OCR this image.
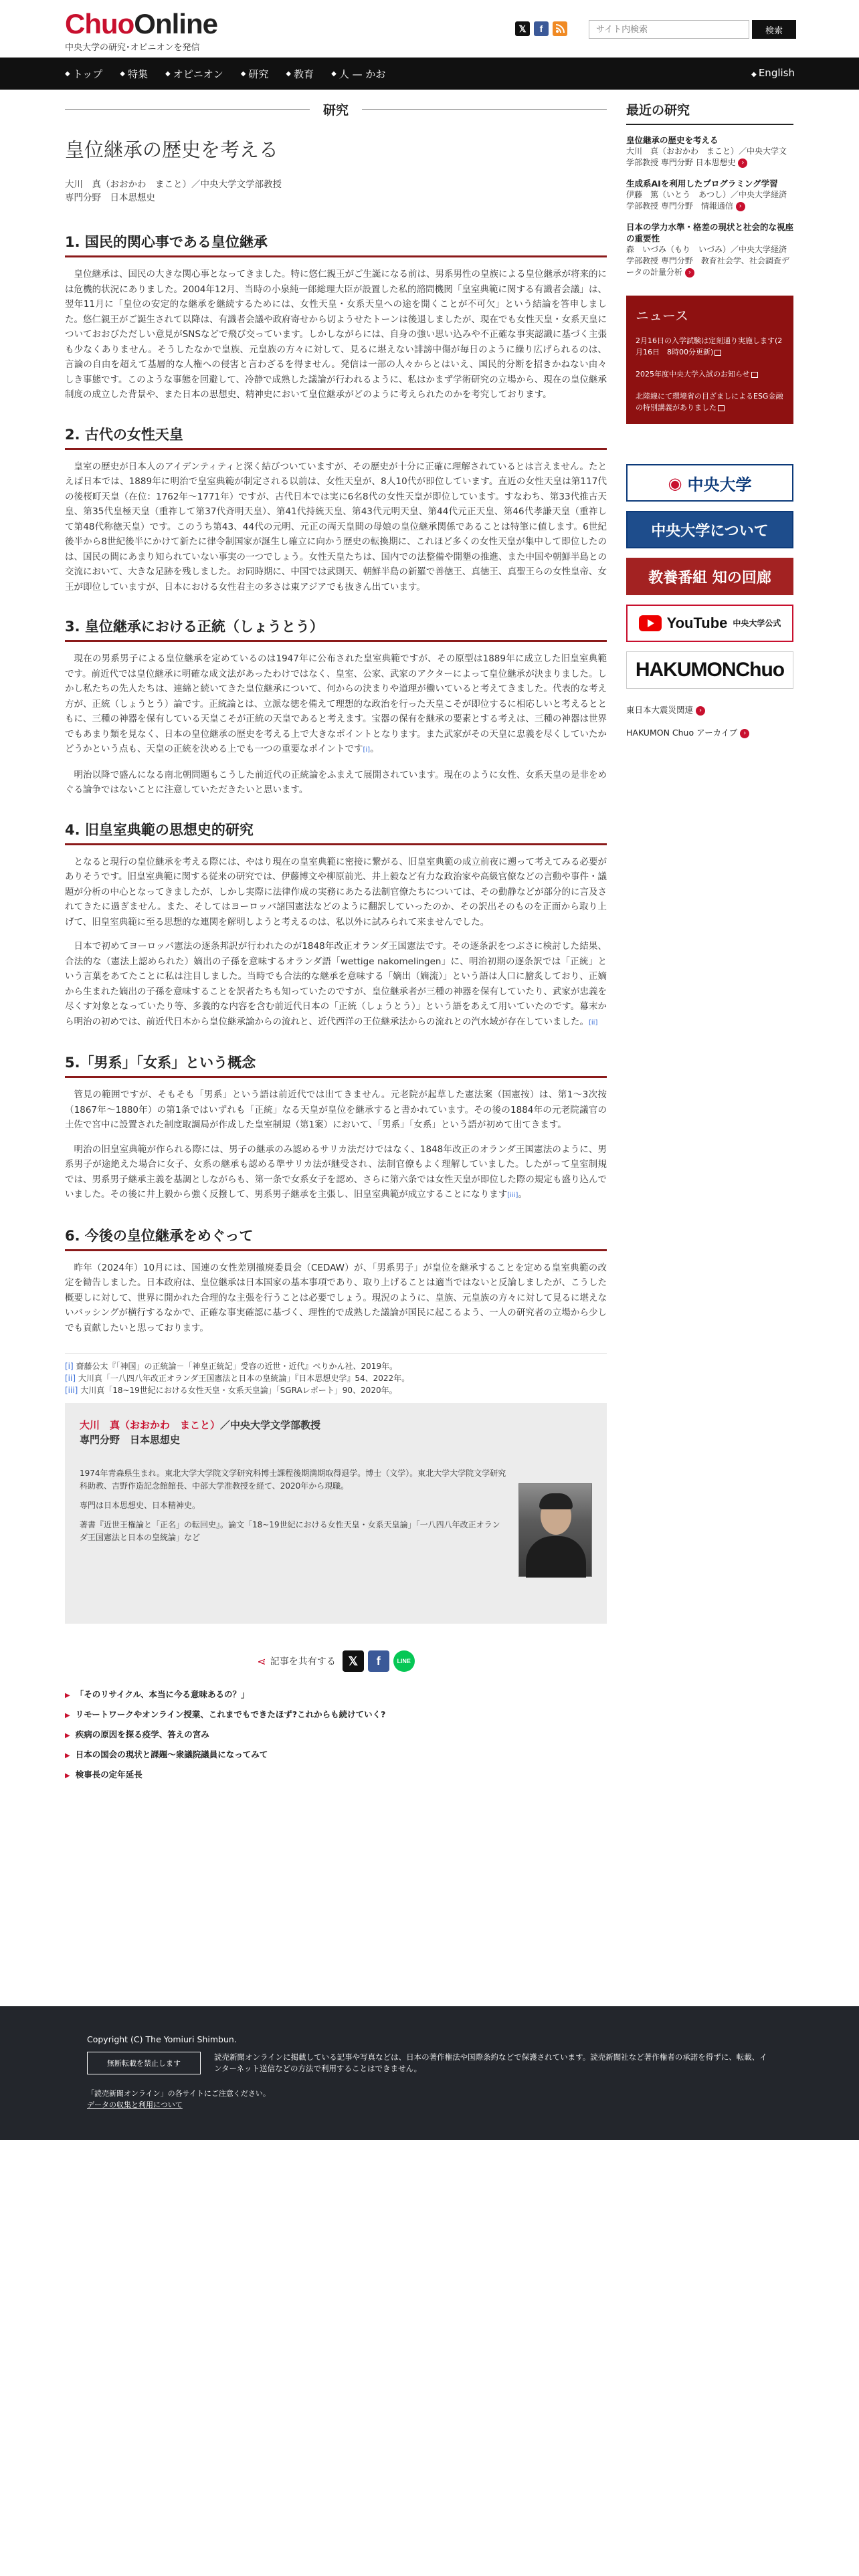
ChuoOnline
中央大学の研究･オピニオンを発信
𝕏	f
サイト内検索	検索
◆ トップ	◆ 特集	◆ オピニオン	◆ 研究	◆ 教育	◆ 人 — かお	◆ English
研究
皇位継承の歴史を考える
大川　真（おおかわ　まこと）／中央大学文学部教授
専門分野　日本思想史
1. 国民的関心事である皇位継承

皇位継承は、国民の大きな関心事となってきました。特に悠仁親王がご生誕になる前は、男系男性の皇族による皇位継承が将来的には危機的状況にありました。2004年12月、当時の小泉純一郎総理大臣が設置した私的諮問機関「皇室典範に関する有識者会議」は、翌年11月に「皇位の安定的な継承を継続するためには、女性天皇・女系天皇への途を開くことが不可欠」という結論を答申しました。悠仁親王がご誕生されて以降は、有識者会議や政府寄せから切ようせたトーンは後退しましたが、現在でも女性天皇・女系天皇についておおびただしい意見がSNSなどで飛び交っています。しかしながらには、自身の強い思い込みや不正確な事実認識に基づく主張も少なくありません。そうしたなかで皇族、元皇族の方々に対して、見るに堪えない誹謗中傷が毎日のように繰り広げられるのは、言論の自由を超えて基層的な人権への侵害と言わざるを得ません。発信は一部の人々からとはいえ、国民的分断を招きかねない由々しき事態です。このような事態を回避して、冷静で成熟した議論が行われるように、私はかまず学術研究の立場から、現在の皇位継承制度の成立した背景や、また日本の思想史、精神史において皇位継承がどのように考えられたのかを考究しております。

2. 古代の女性天皇

皇室の歴史が日本人のアイデンティティと深く結びついていますが、その歴史が十分に正確に理解されているとは言えません。たとえば日本では、1889年に明治で皇室典範が制定される以前は、女性天皇が、8人10代が即位しています。直近の女性天皇は第117代の後桜町天皇（在位：1762年〜1771年）ですが、古代日本では実に6名8代の女性天皇が即位しています。すなわち、第33代推古天皇、第35代皇極天皇（重祚して第37代斉明天皇）、第41代持統天皇、第43代元明天皇、第44代元正天皇、第46代孝謙天皇（重祚して第48代称徳天皇）です。このうち第43、44代の元明、元正の両天皇間の母娘の皇位継承関係であることは特筆に値します。6世紀後半から8世紀後半にかけて新たに律令制国家が誕生し確立に向かう歴史の転換期に、これほど多くの女性天皇が集中して即位したのは、国民の間にあまり知られていない事実の一つでしょう。女性天皇たちは、国内での法整備や開墾の推進、また中国や朝鮮半島との交流において、大きな足跡を残しました。お同時期に、中国では武則天、朝鮮半島の新羅で善徳王、真徳王、真聖王らの女性皇帝、女王が即位していますが、日本における女性君主の多さは東アジアでも抜きん出ています。

3. 皇位継承における正統（しょうとう）

現在の男系男子による皇位継承を定めているのは1947年に公布された皇室典範ですが、その原型は1889年に成立した旧皇室典範です。前近代では皇位継承に明確な成文法があったわけではなく、皇室、公家、武家のアクターによって皇位継承が決まりました。しかし私たちの先人たちは、連綿と続いてきた皇位継承について、何からの決まりや道理が働いていると考えてきました。代表的な考え方が、正統（しょうとう）論です。正統論とは、立派な徳を備えて理想的な政治を行った天皇こそが即位するに相応しいと考えるとともに、三種の神器を保有している天皇こそが正統の天皇であると考えます。宝器の保有を継承の要素とする考えは、三種の神器は世界でもあまり類を見なく、日本の皇位継承の歴史を考える上で大きなポイントとなります。また武家がその天皇に忠義を尽くしていたかどうかという点も、天皇の正統を決める上でも一つの重要なポイントです[i]。

明治以降で盛んになる南北朝問題もこうした前近代の正統論をふまえて展開されています。現在のように女性、女系天皇の是非をめぐる論争ではないことに注意していただきたいと思います。

4. 旧皇室典範の思想史的研究

となると現行の皇位継承を考える際には、やはり現在の皇室典範に密接に繋がる、旧皇室典範の成立前夜に遡って考えてみる必要がありそうです。旧皇室典範に関する従来の研究では、伊藤博文や柳原前光、井上毅など有力な政治家や高級官僚などの言動や事件・議題が分析の中心となってきましたが、しかし実際に法律作成の実務にあたる法制官僚たちについては、その動静などが部分的に言及されてきたに過ぎません。また、そしてはヨーロッパ諸国憲法などのように翻訳していったのか、その訳出そのものを正面から取り上げて、旧皇室典範に至る思想的な連関を解明しようと考えるのは、私以外に試みられて来ませんでした。

日本で初めてヨーロッパ憲法の逐条邦訳が行われたのが1848年改正オランダ王国憲法です。その逐条訳をつぶさに検討した結果、合法的な（憲法上認められた）嫡出の子孫を意味するオランダ語「wettige nakomelingen」に、明治初期の逐条訳では「正統」という言葉をあてたことに私は注目しました。当時でも合法的な継承を意味する「嫡出（嫡流）」という語は人口に膾炙しており、正嫡から生まれた嫡出の子孫を意味することを訳者たちも知っていたのですが、皇位継承者が三種の神器を保有していたり、武家が忠義を尽くす対象となっていたり等、多義的な内容を含む前近代日本の「正統（しょうとう）」という語をあえて用いていたのです。幕末から明治の初めでは、前近代日本から皇位継承論からの流れと、近代西洋の王位継承法からの流れとの汽水域が存在していました。[ii]

5.「男系」「女系」という概念

管見の範囲ですが、そもそも「男系」という語は前近代では出てきません。元老院が起草した憲法案（国憲按）は、第1〜3次按（1867年〜1880年）の第1条ではいずれも「正統」なる天皇が皇位を継承すると書かれています。その後の1884年の元老院議官の土佐で宮中に設置された制度取調局が作成した皇室制規（第1案）において、「男系」「女系」という語が初めて出てきます。

明治の旧皇室典範が作られる際には、男子の継承のみ認めるサリカ法だけではなく、1848年改正のオランダ王国憲法のように、男系男子が途絶えた場合に女子、女系の継承も認める準サリカ法が継受され、法制官僚もよく理解していました。したがって皇室制規では、男系男子継承主義を基調としながらも、第一条で女系女子を認め、さらに第六条では女性天皇が即位した際の規定も盛り込んでいました。その後に井上毅から強く反撥して、男系男子継承を主張し、旧皇室典範が成立することになります[iii]。

6. 今後の皇位継承をめぐって

昨年（2024年）10月には、国連の女性差別撤廃委員会（CEDAW）が、「男系男子」が皇位を継承することを定める皇室典範の改定を勧告しました。日本政府は、皇位継承は日本国家の基本事項であり、取り上げることは適当ではないと反論しましたが、こうした概要しに対して、世界に開かれた合理的な主張を行うことは必要でしょう。現況のように、皇族、元皇族の方々に対して見るに堪えないバッシングが横行するなかで、正確な事実確認に基づく、理性的で成熟した議論が国民に起こるよう、一人の研究者の立場から少しでも貢献したいと思っております。

[i] 齋藤公太『「神国」の正統論－「神皇正統記」受容の近世・近代』ぺりかん社、2019年。
[ii] 大川真「一八四八年改正オランダ王国憲法と日本の皇統論」『日本思想史学』54、2022年。
[iii] 大川真「18~19世紀における女性天皇・女系天皇論」「SGRAレポート」90、2020年。
大川　真（おおかわ　まこと）／中央大学文学部教授
専門分野　日本思想史

1974年青森県生まれ。東北大学大学院文学研究科博士課程後期満期取得退学。博士（文学）。東北大学大学院文学研究科助教、吉野作造記念館館長、中部大学准教授を経て、2020年から現職。

専門は日本思想史、日本精神史。

著書『近世王権論と「正名」の転回史』。論文「18~19世紀における女性天皇・女系天皇論」「一八四八年改正オランダ王国憲法と日本の皇統論」など

⋖ 記事を共有する	𝕏	f	LINE
▶ 「そのリサイクル、本当に今る意味あるの？」
▶ リモートワークやオンライン授業、これまでもできたほず?これからも続けていく?
▶ 疾病の原因を探る疫学、答えの宮み
▶ 日本の国会の現状と課題〜衆議院議員になってみて
▶ 検事長の定年延長
最近の研究
皇位継承の歴史を考える
大川　真（おおかわ　まこと）／中央大学文学部教授 専門分野 日本思想史 ›
生成系AIを利用したプログラミング学習
伊藤　篤（いとう　あつし）／中央大学経済学部教授 専門分野　情報通信 ›
日本の学力水準・格差の現状と社会的な視座の重要性
森　いづみ（もり　いづみ）／中央大学経済学部教授 専門分野　教育社会学、社会調査データの計量分析 ›
ニュース
2月16日の入学試験は定刻通り実施します(2月16日　8時00分更新)
2025年度中央大学入試のお知らせ
北陸線にて環境省の目ざましによるESG金融の特別講義がありました
◉ 中央大学
中央大学について
教養番組 知の回廊
YouTube 中央大学公式
HAKUMONChuo
東日本大震災関連 ›
HAKUMON Chuo アーカイブ ›
Copyright (C) The Yomiuri Shimbun.
無断転載を禁止します
読売新聞オンラインに掲載している記事や写真などは、日本の著作権法や国際条約などで保護されています。読売新聞社など著作権者の承諾を得ずに、転載、インターネット送信などの方法で利用することはできません。
「読売新聞オンライン」の各サイトにご注意ください。
データの収集と利用について
